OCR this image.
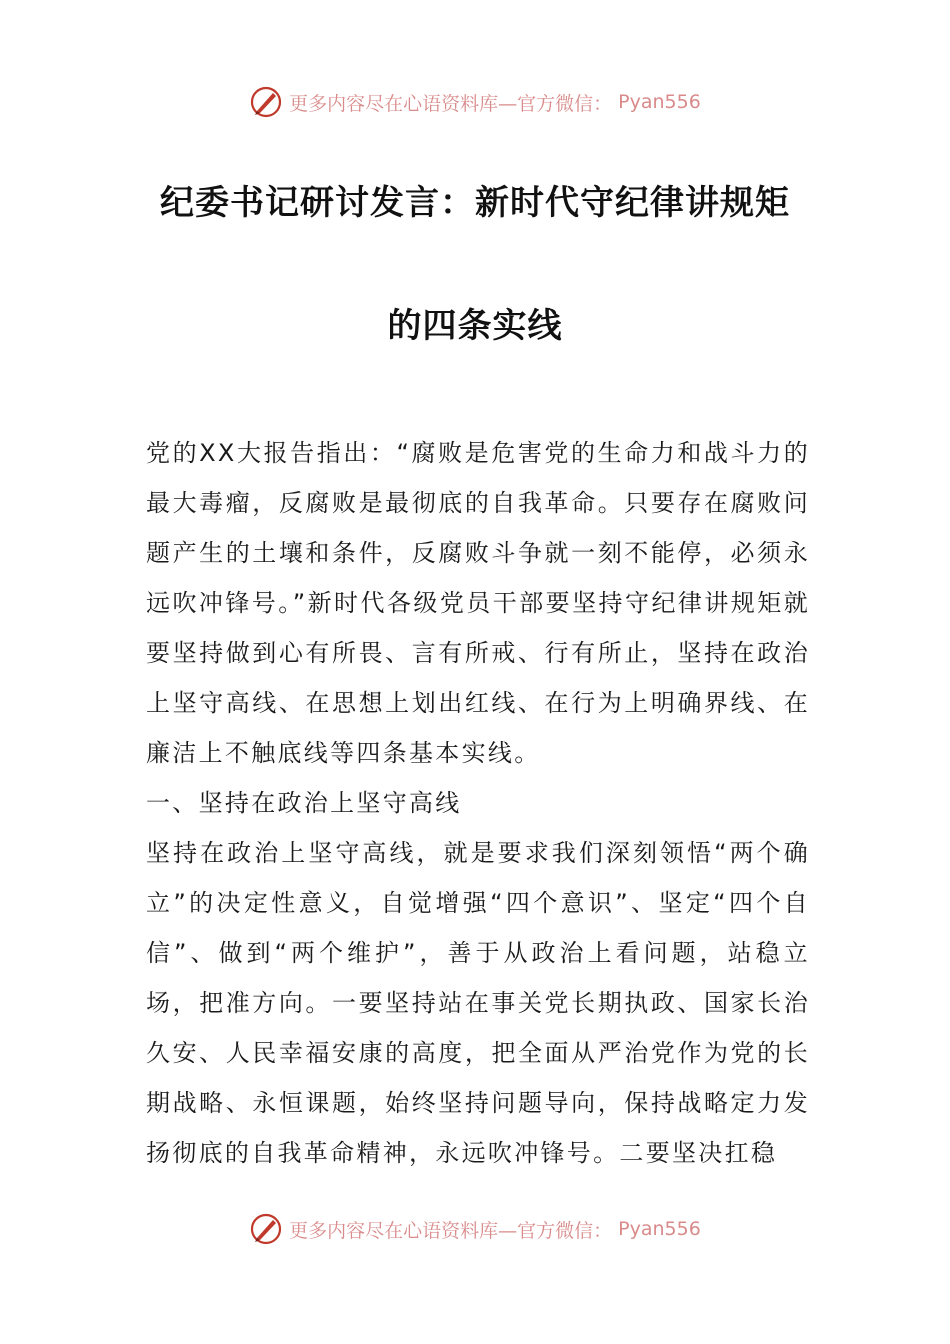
更多内容尽在心语资料库—官方微信： Pyan556
纪委书记研讨发言：新时代守纪律讲规矩
的四条实线

党的XX大报告指出：“腐败是危害党的生命力和战斗力的最大毒瘤，反腐败是最彻底的自我革命。只要存在腐败问题产生的土壤和条件，反腐败斗争就一刻不能停，必须永远吹冲锋号。”新时代各级党员干部要坚持守纪律讲规矩就要坚持做到心有所畏、言有所戒、行有所止，坚持在政治上坚守高线、在思想上划出红线、在行为上明确界线、在廉洁上不触底线等四条基本实线。

一、坚持在政治上坚守高线

坚持在政治上坚守高线，就是要求我们深刻领悟“两个确立”的决定性意义，自觉增强“四个意识”、坚定“四个自信”、做到“两个维护”，善于从政治上看问题，站稳立场，把准方向。一要坚持站在事关党长期执政、国家长治久安、人民幸福安康的高度，把全面从严治党作为党的长期战略、永恒课题，始终坚持问题导向，保持战略定力发扬彻底的自我革命精神，永远吹冲锋号。二要坚决扛稳

更多内容尽在心语资料库—官方微信： Pyan556
